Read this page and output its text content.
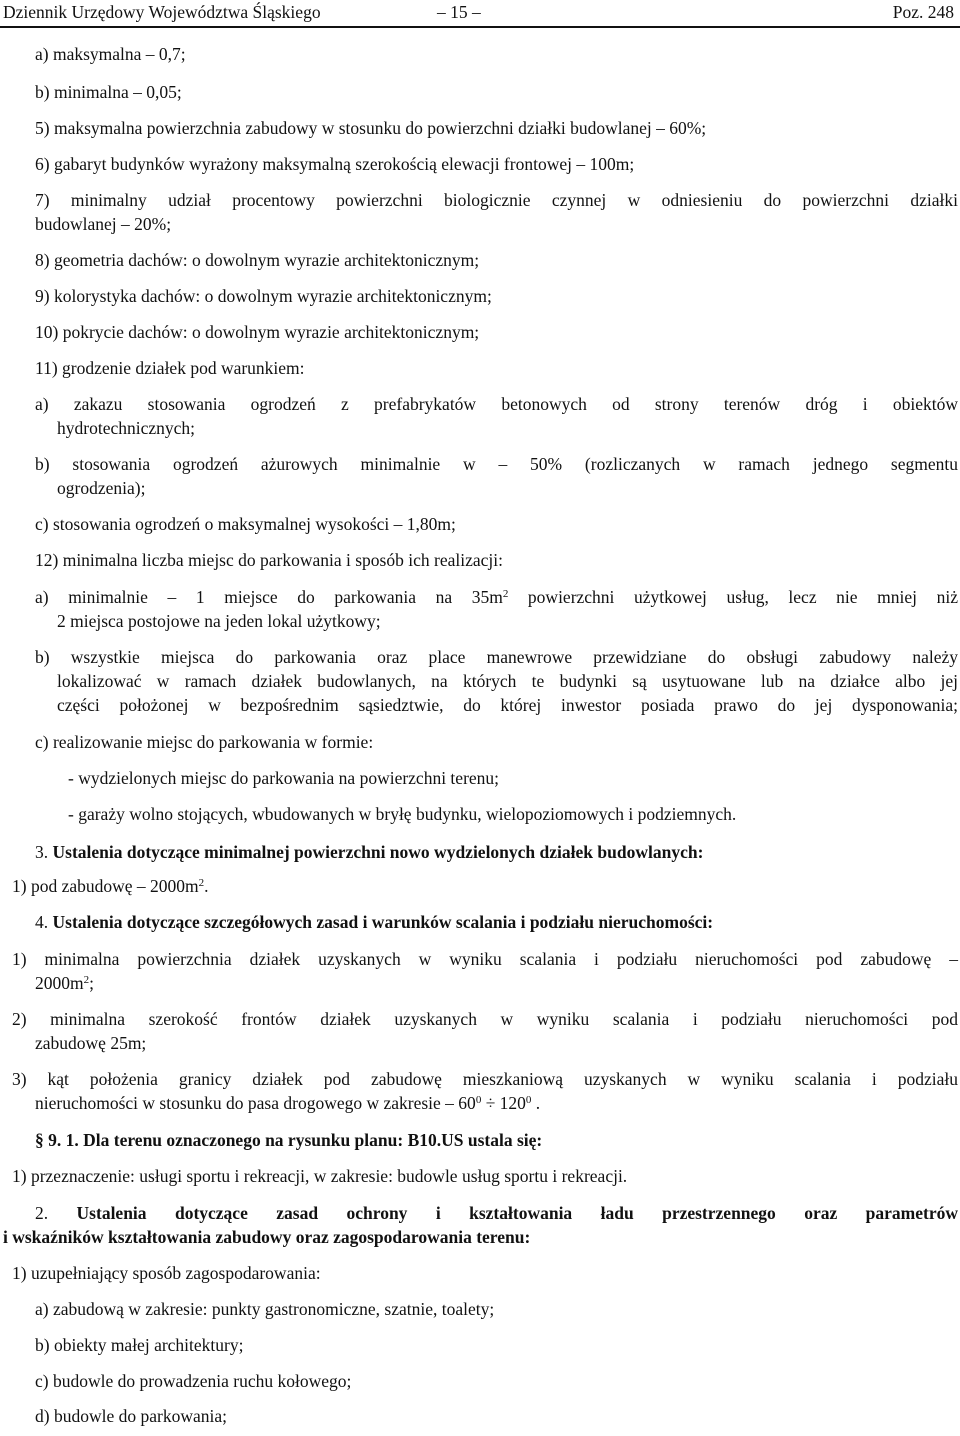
Dziennik Urzędowy Województwa Śląskiego	– 15 –	Poz. 248
a) maksymalna – 0,7;
b) minimalna – 0,05;
5) maksymalna powierzchnia zabudowy w stosunku do powierzchni działki budowlanej – 60%;
6) gabaryt budynków wyrażony maksymalną szerokością elewacji frontowej – 100m;
7) minimalny udział procentowy powierzchni biologicznie czynnej w odniesieniu do powierzchni działki
budowlanej – 20%;
8) geometria dachów: o dowolnym wyrazie architektonicznym;
9) kolorystyka dachów: o dowolnym wyrazie architektonicznym;
10) pokrycie dachów: o dowolnym wyrazie architektonicznym;
11) grodzenie działek pod warunkiem:
a) zakazu stosowania ogrodzeń z prefabrykatów betonowych od strony terenów dróg i obiektów
hydrotechnicznych;
b) stosowania ogrodzeń ażurowych minimalnie w – 50% (rozliczanych w ramach jednego segmentu
ogrodzenia);
c) stosowania ogrodzeń o maksymalnej wysokości – 1,80m;
12) minimalna liczba miejsc do parkowania i sposób ich realizacji:
a) minimalnie – 1 miejsce do parkowania na $35m^2$ powierzchni użytkowej usług, lecz nie mniej niż
2 miejsca postojowe na jeden lokal użytkowy;
b) wszystkie miejsca do parkowania oraz place manewrowe przewidziane do obsługi zabudowy należy
lokalizować w ramach działek budowlanych, na których te budynki są usytuowane lub na działce albo jej
części położonej w bezpośrednim sąsiedztwie, do której inwestor posiada prawo do jej dysponowania;
c) realizowanie miejsc do parkowania w formie:
- wydzielonych miejsc do parkowania na powierzchni terenu;
- garaży wolno stojących, wbudowanych w bryłę budynku, wielopoziomowych i podziemnych.
3. Ustalenia dotyczące minimalnej powierzchni nowo wydzielonych działek budowlanych:
1) pod zabudowę – $2000m^2$.
4. Ustalenia dotyczące szczegółowych zasad i warunków scalania i podziału nieruchomości:
1) minimalna powierzchnia działek uzyskanych w wyniku scalania i podziału nieruchomości pod zabudowę –
$2000m^2$;
2) minimalna szerokość frontów działek uzyskanych w wyniku scalania i podziału nieruchomości pod
zabudowę 25m;
3) kąt położenia granicy działek pod zabudowę mieszkaniową uzyskanych w wyniku scalania i podziału
nieruchomości w stosunku do pasa drogowego w zakresie – $60^0 \div 120^0$ .
§ 9. 1. Dla terenu oznaczonego na rysunku planu: B10.US ustala się:
1) przeznaczenie: usługi sportu i rekreacji, w zakresie: budowle usług sportu i rekreacji.
2. Ustalenia dotyczące zasad ochrony i kształtowania ładu przestrzennego oraz parametrów
i wskaźników kształtowania zabudowy oraz zagospodarowania terenu:
1) uzupełniający sposób zagospodarowania:
a) zabudową w zakresie: punkty gastronomiczne, szatnie, toalety;
b) obiekty małej architektury;
c) budowle do prowadzenia ruchu kołowego;
d) budowle do parkowania;
